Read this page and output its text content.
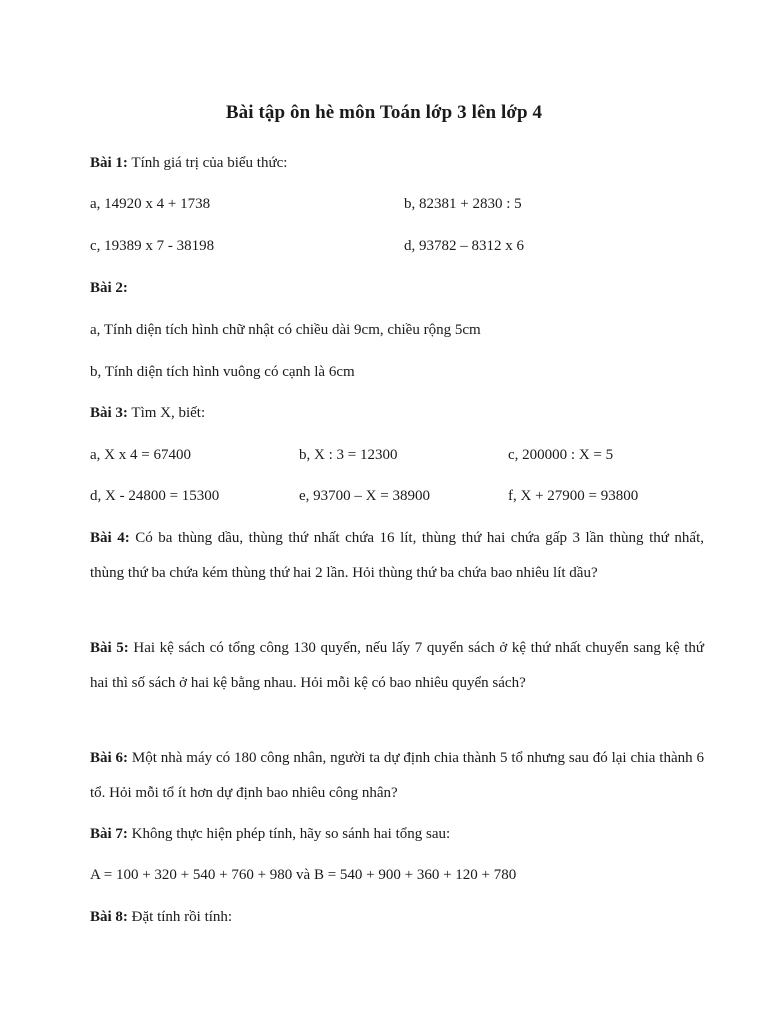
Bài tập ôn hè môn Toán lớp 3 lên lớp 4
Bài 1: Tính giá trị của biểu thức:
a, 14920 x 4 + 1738	b, 82381 + 2830 : 5
c, 19389 x 7 - 38198	d, 93782 – 8312 x 6
Bài 2:
a, Tính diện tích hình chữ nhật có chiều dài 9cm, chiều rộng 5cm
b, Tính diện tích hình vuông có cạnh là 6cm
Bài 3: Tìm X, biết:
a, X x 4 = 67400	b, X : 3 = 12300	c, 200000 : X = 5
d, X - 24800 = 15300	e, 93700 – X = 38900	f, X + 27900 = 93800
Bài 4: Có ba thùng dầu, thùng thứ nhất chứa 16 lít, thùng thứ hai chứa gấp 3 lần thùng thứ nhất, thùng thứ ba chứa kém thùng thứ hai 2 lần. Hỏi thùng thứ ba chứa bao nhiêu lít dầu?
Bài 5: Hai kệ sách có tổng công 130 quyển, nếu lấy 7 quyển sách ở kệ thứ nhất chuyển sang kệ thứ hai thì số sách ở hai kệ bằng nhau. Hỏi mỗi kệ có bao nhiêu quyển sách?
Bài 6: Một nhà máy có 180 công nhân, người ta dự định chia thành 5 tổ nhưng sau đó lại chia thành 6 tổ. Hỏi mỗi tổ ít hơn dự định bao nhiêu công nhân?
Bài 7: Không thực hiện phép tính, hãy so sánh hai tổng sau:
A = 100 + 320 + 540 + 760 + 980 và B = 540 + 900 + 360 + 120 + 780
Bài 8: Đặt tính rồi tính:
